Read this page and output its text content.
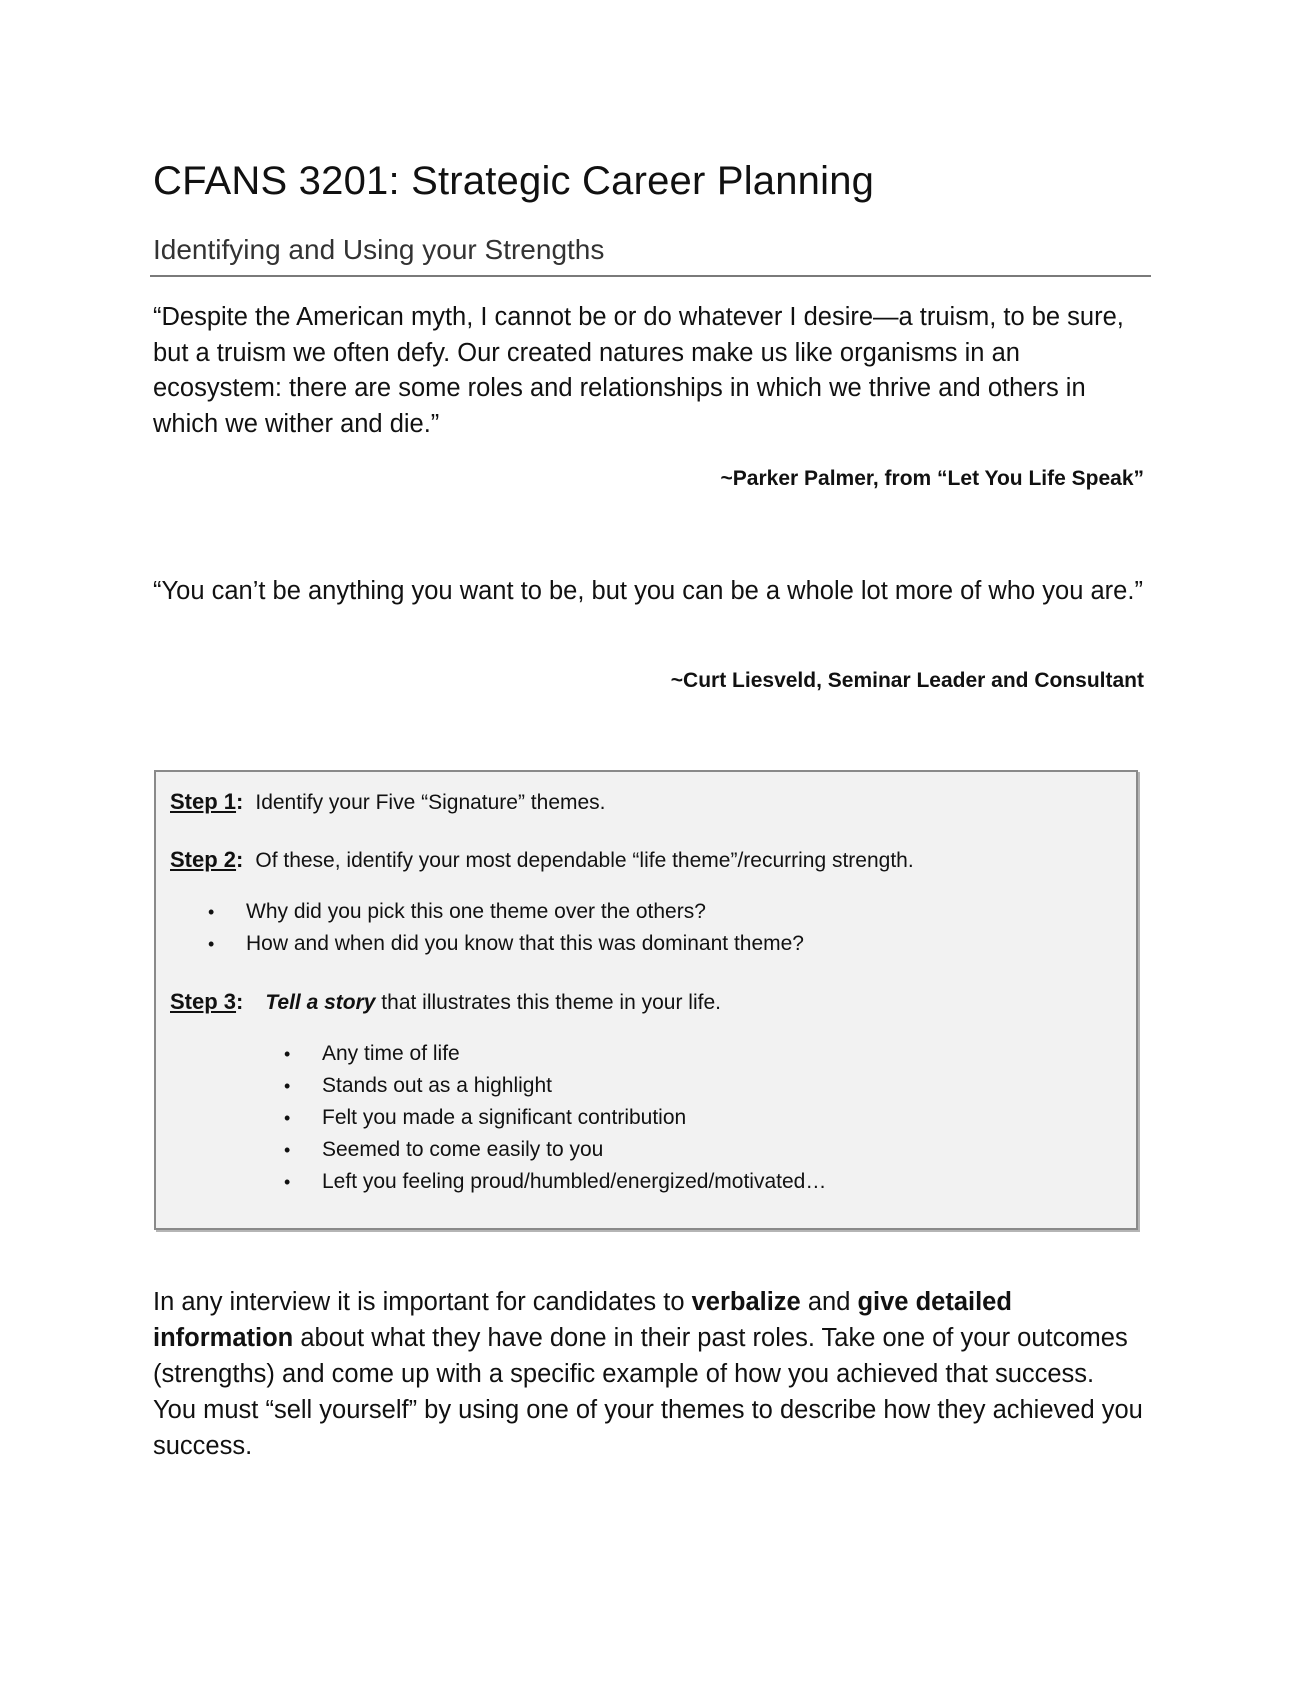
CFANS 3201: Strategic Career Planning
Identifying and Using your Strengths

“Despite the American myth, I cannot be or do whatever I desire—a truism, to be sure, but a truism we often defy. Our created natures make us like organisms in an ecosystem: there are some roles and relationships in which we thrive and others in which we wither and die.”

~Parker Palmer, from “Let You Life Speak”

“You can’t be anything you want to be, but you can be a whole lot more of who you are.”

~Curt Liesveld, Seminar Leader and Consultant

Step 1: Identify your Five “Signature” themes.
Step 2: Of these, identify your most dependable “life theme”/recurring strength.
• Why did you pick this one theme over the others?
• How and when did you know that this was dominant theme?
Step 3: Tell a story that illustrates this theme in your life.
• Any time of life
• Stands out as a highlight
• Felt you made a significant contribution
• Seemed to come easily to you
• Left you feeling proud/humbled/energized/motivated…

In any interview it is important for candidates to verbalize and give detailed information about what they have done in their past roles. Take one of your outcomes (strengths) and come up with a specific example of how you achieved that success. You must “sell yourself” by using one of your themes to describe how they achieved you success.
